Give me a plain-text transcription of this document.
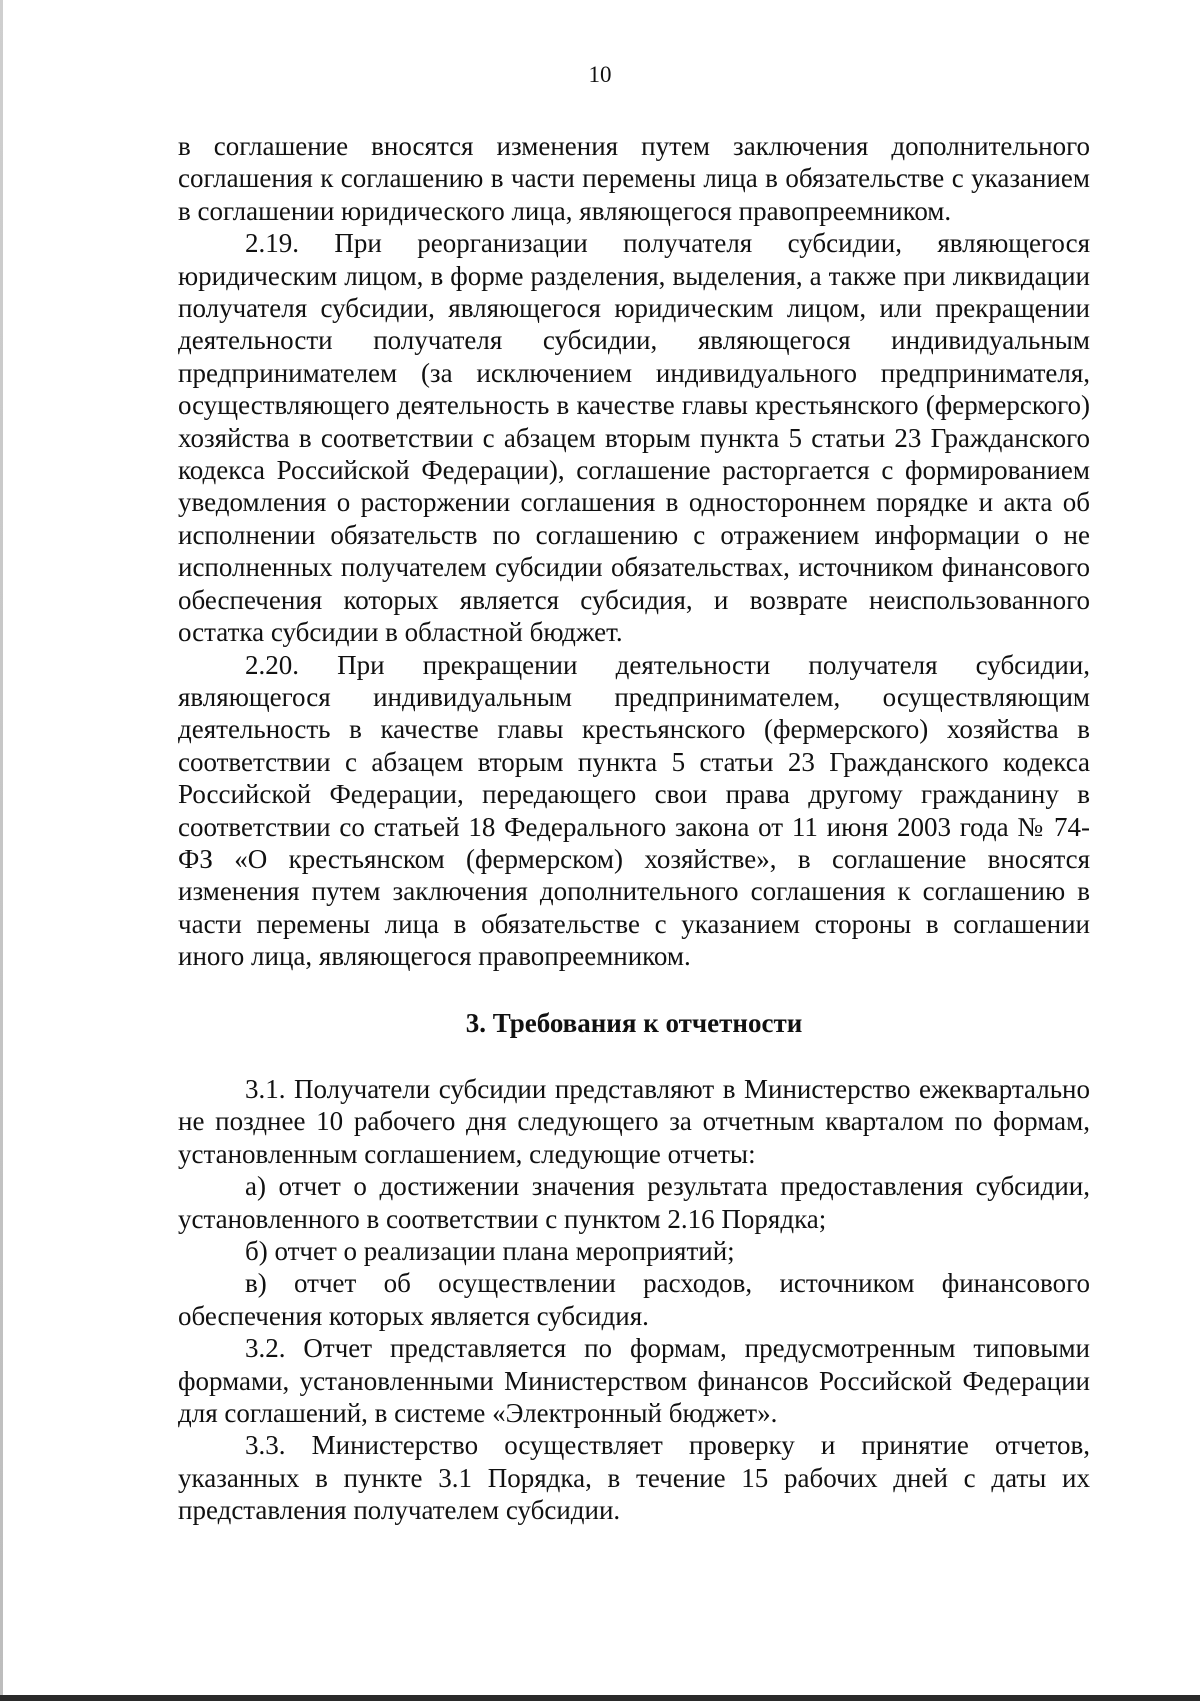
10

в соглашение вносятся изменения путем заключения дополнительного соглашения к соглашению в части перемены лица в обязательстве с указанием в соглашении юридического лица, являющегося правопреемником.

2.19. При реорганизации получателя субсидии, являющегося юридическим лицом, в форме разделения, выделения, а также при ликвидации получателя субсидии, являющегося юридическим лицом, или прекращении деятельности получателя субсидии, являющегося индивидуальным предпринимателем (за исключением индивидуального предпринимателя, осуществляющего деятельность в качестве главы крестьянского (фермерского) хозяйства в соответствии с абзацем вторым пункта 5 статьи 23 Гражданского кодекса Российской Федерации), соглашение расторгается с формированием уведомления о расторжении соглашения в одностороннем порядке и акта об исполнении обязательств по соглашению с отражением информации о не исполненных получателем субсидии обязательствах, источником финансового обеспечения которых является субсидия, и возврате неиспользованного остатка субсидии в областной бюджет.

2.20. При прекращении деятельности получателя субсидии, являющегося индивидуальным предпринимателем, осуществляющим деятельность в качестве главы крестьянского (фермерского) хозяйства в соответствии с абзацем вторым пункта 5 статьи 23 Гражданского кодекса Российской Федерации, передающего свои права другому гражданину в соответствии со статьей 18 Федерального закона от 11 июня 2003 года № 74-ФЗ «О крестьянском (фермерском) хозяйстве», в соглашение вносятся изменения путем заключения дополнительного соглашения к соглашению в части перемены лица в обязательстве с указанием стороны в соглашении иного лица, являющегося правопреемником.

3. Требования к отчетности

3.1. Получатели субсидии представляют в Министерство ежеквартально не позднее 10 рабочего дня следующего за отчетным кварталом по формам, установленным соглашением, следующие отчеты:

а) отчет о достижении значения результата предоставления субсидии, установленного в соответствии с пунктом 2.16 Порядка;

б) отчет о реализации плана мероприятий;

в) отчет об осуществлении расходов, источником финансового обеспечения которых является субсидия.

3.2. Отчет представляется по формам, предусмотренным типовыми формами, установленными Министерством финансов Российской Федерации для соглашений, в системе «Электронный бюджет».

3.3. Министерство осуществляет проверку и принятие отчетов, указанных в пункте 3.1 Порядка, в течение 15 рабочих дней с даты их представления получателем субсидии.
